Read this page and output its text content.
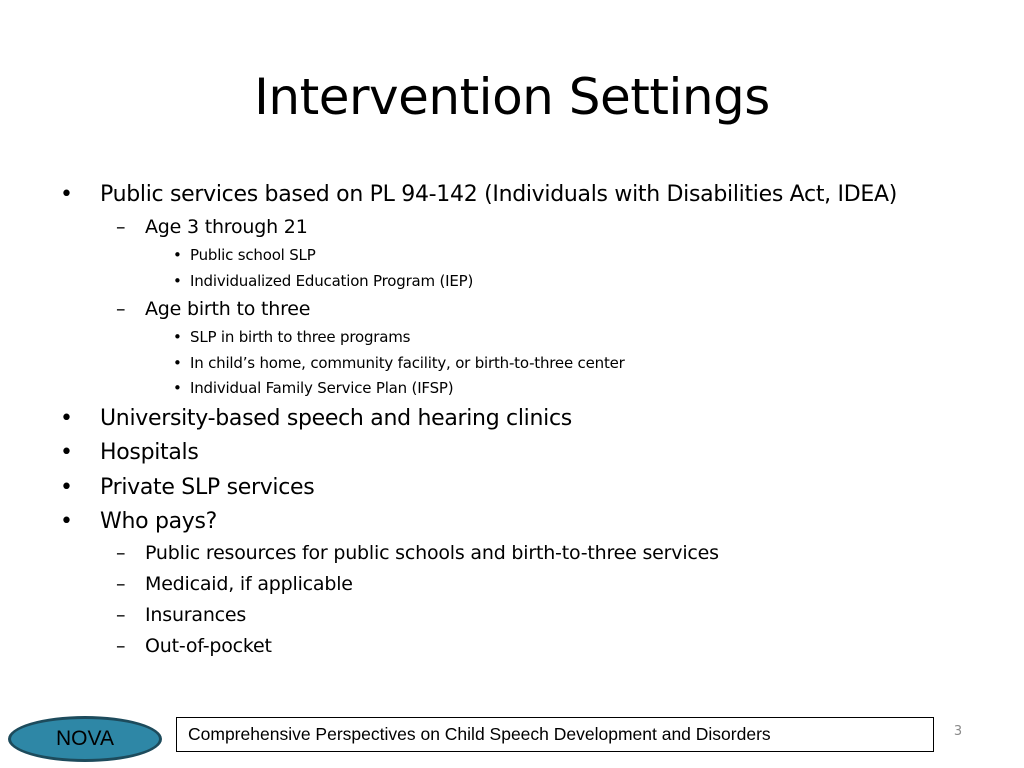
Intervention Settings
• Public services based on PL 94-142 (Individuals with Disabilities Act, IDEA)
– Age 3 through 21
• Public school SLP
• Individualized Education Program (IEP)
– Age birth to three
• SLP in birth to three programs
• In child’s home, community facility, or birth-to-three center
• Individual Family Service Plan (IFSP)
• University-based speech and hearing clinics
• Hospitals
• Private SLP services
• Who pays?
– Public resources for public schools and birth-to-three services
– Medicaid, if applicable
– Insurances
– Out-of-pocket
NOVA	Comprehensive Perspectives on Child Speech Development and Disorders	3
